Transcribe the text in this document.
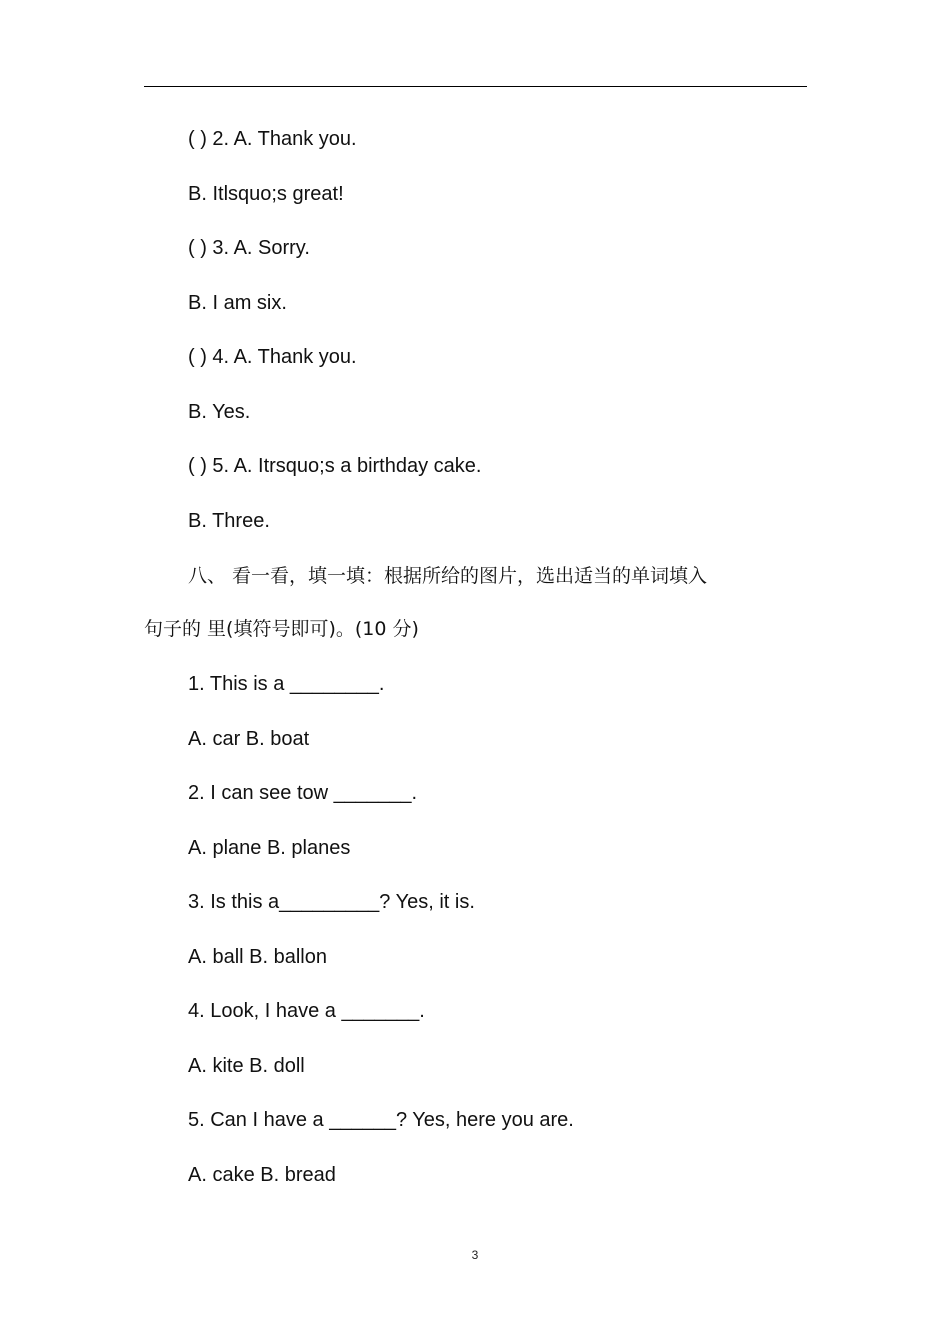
( ) 2. A. Thank you.
B. Itlsquo;s great!
( ) 3. A. Sorry.
B. I am six.
( ) 4. A. Thank you.
B. Yes.
( ) 5. A. Itrsquo;s a birthday cake.
B. Three.
八、 看一看，填一填：根据所给的图片，选出适当的单词填入
句子的 里(填符号即可)。(10 分)
1. This is a ________.
A. car B. boat
2. I can see tow _______.
A. plane B. planes
3. Is this a_________? Yes, it is.
A. ball B. ballon
4. Look, I have a _______.
A. kite B. doll
5. Can I have a ______? Yes, here you are.
A. cake B. bread
3
